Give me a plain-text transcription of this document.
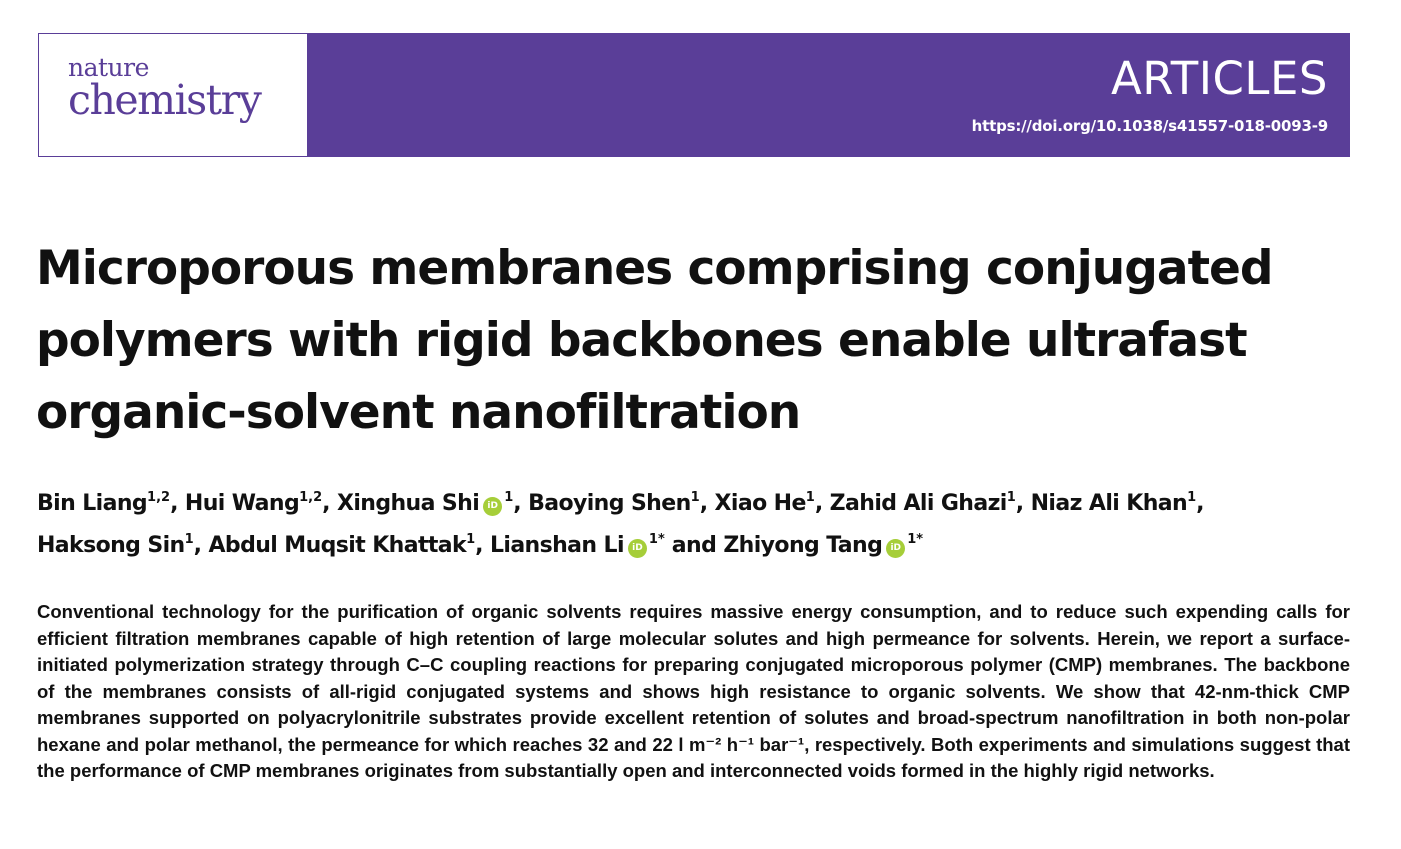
nature
chemistry	ARTICLES
https://doi.org/10.1038/s41557-018-0093-9
Microporous membranes comprising conjugated polymers with rigid backbones enable ultrafast organic-solvent nanofiltration

Bin Liang$^{1,2}$, Hui Wang$^{1,2}$, Xinghua Shi $iD^1$, Baoying Shen$^1$, Xiao He$^1$, Zahid Ali Ghazi$^1$, Niaz Ali Khan$^1$, Haksong Sin$^1$, Abdul Muqsit Khattak$^1$, Lianshan Li $iD^{1*}$ and Zhiyong Tang $iD^{1*}$

Conventional technology for the purification of organic solvents requires massive energy consumption, and to reduce such expending calls for efficient filtration membranes capable of high retention of large molecular solutes and high permeance for solvents. Herein, we report a surface-initiated polymerization strategy through C–C coupling reactions for preparing conjugated microporous polymer (CMP) membranes. The backbone of the membranes consists of all-rigid conjugated systems and shows high resistance to organic solvents. We show that 42-nm-thick CMP membranes supported on polyacrylonitrile substrates provide excellent retention of solutes and broad-spectrum nanofiltration in both non-polar hexane and polar methanol, the permeance for which reaches 32 and 22 l m⁻² h⁻¹ bar⁻¹, respectively. Both experiments and simulations suggest that the performance of CMP membranes originates from substantially open and interconnected voids formed in the highly rigid networks.
